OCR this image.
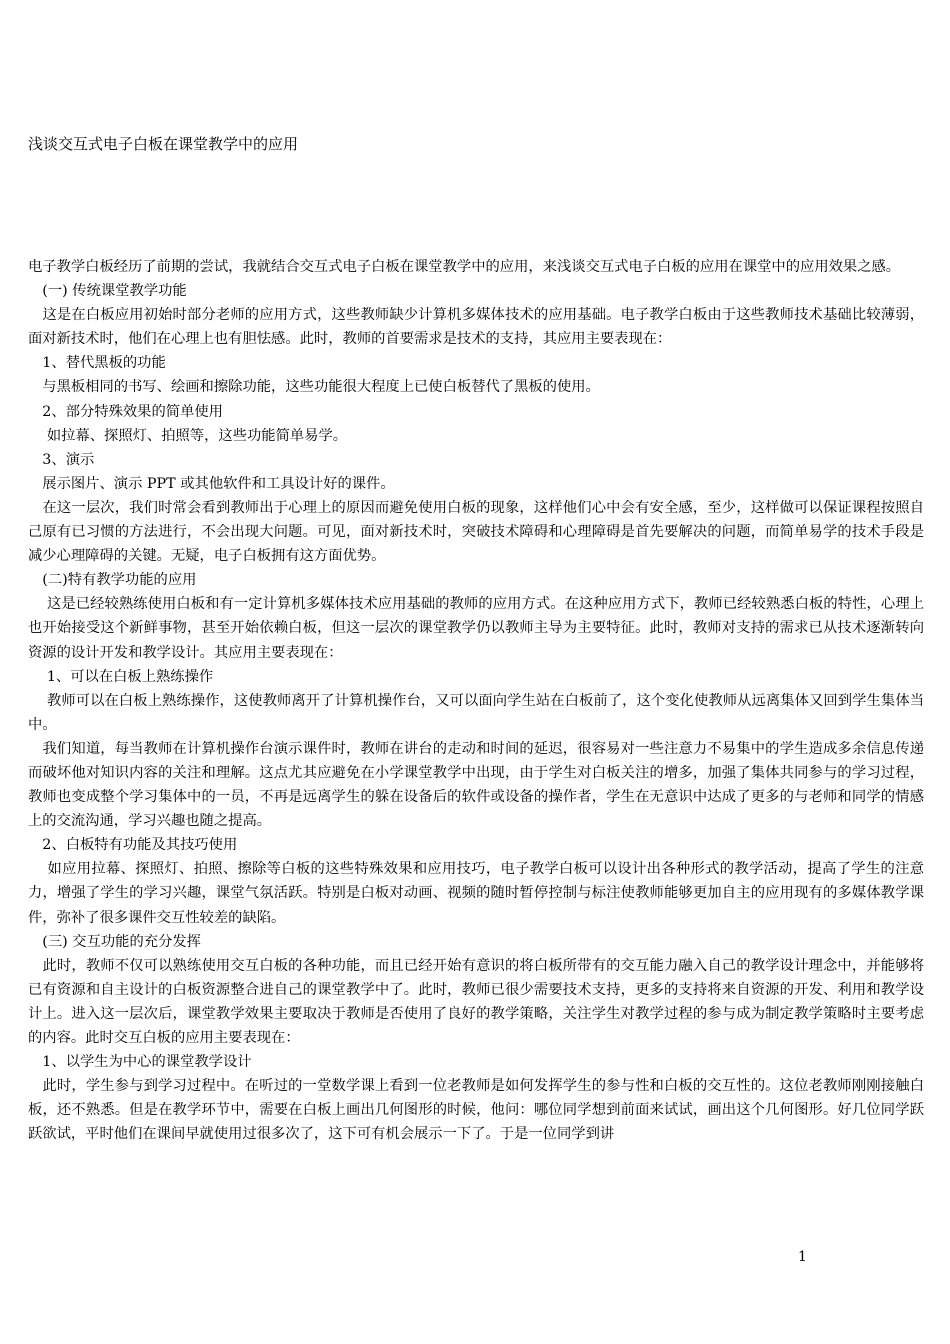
浅谈交互式电子白板在课堂教学中的应用

电子教学白板经历了前期的尝试，我就结合交互式电子白板在课堂教学中的应用，来浅谈交互式电子白板的应用在课堂中的应用效果之感。

　(一) 传统课堂教学功能

　这是在白板应用初始时部分老师的应用方式，这些教师缺少计算机多媒体技术的应用基础。电子教学白板由于这些教师技术基础比较薄弱，面对新技术时，他们在心理上也有胆怯感。此时，教师的首要需求是技术的支持，其应用主要表现在：

　1、替代黑板的功能

　与黑板相同的书写、绘画和擦除功能，这些功能很大程度上已使白板替代了黑板的使用。

　2、部分特殊效果的简单使用

　 如拉幕、探照灯、拍照等，这些功能简单易学。

　3、演示

　展示图片、演示 PPT 或其他软件和工具设计好的课件。

　在这一层次，我们时常会看到教师出于心理上的原因而避免使用白板的现象，这样他们心中会有安全感，至少，这样做可以保证课程按照自己原有已习惯的方法进行，不会出现大问题。可见，面对新技术时，突破技术障碍和心理障碍是首先要解决的问题，而简单易学的技术手段是减少心理障碍的关键。无疑，电子白板拥有这方面优势。

　(二)特有教学功能的应用

　 这是已经较熟练使用白板和有一定计算机多媒体技术应用基础的教师的应用方式。在这种应用方式下，教师已经较熟悉白板的特性，心理上也开始接受这个新鲜事物，甚至开始依赖白板，但这一层次的课堂教学仍以教师主导为主要特征。此时，教师对支持的需求已从技术逐渐转向资源的设计开发和教学设计。其应用主要表现在：

　 1、可以在白板上熟练操作

　 教师可以在白板上熟练操作，这使教师离开了计算机操作台，又可以面向学生站在白板前了，这个变化使教师从远离集体又回到学生集体当中。

　我们知道，每当教师在计算机操作台演示课件时，教师在讲台的走动和时间的延迟，很容易对一些注意力不易集中的学生造成多余信息传递而破坏他对知识内容的关注和理解。这点尤其应避免在小学课堂教学中出现，由于学生对白板关注的增多，加强了集体共同参与的学习过程，教师也变成整个学习集体中的一员，不再是远离学生的躲在设备后的软件或设备的操作者，学生在无意识中达成了更多的与老师和同学的情感上的交流沟通，学习兴趣也随之提高。

　2、白板特有功能及其技巧使用

　 如应用拉幕、探照灯、拍照、擦除等白板的这些特殊效果和应用技巧，电子教学白板可以设计出各种形式的教学活动，提高了学生的注意力，增强了学生的学习兴趣，课堂气氛活跃。特别是白板对动画、视频的随时暂停控制与标注使教师能够更加自主的应用现有的多媒体教学课件，弥补了很多课件交互性较差的缺陷。

　(三) 交互功能的充分发挥

　此时，教师不仅可以熟练使用交互白板的各种功能，而且已经开始有意识的将白板所带有的交互能力融入自己的教学设计理念中，并能够将已有资源和自主设计的白板资源整合进自己的课堂教学中了。此时，教师已很少需要技术支持，更多的支持将来自资源的开发、利用和教学设计上。进入这一层次后，课堂教学效果主要取决于教师是否使用了良好的教学策略，关注学生对教学过程的参与成为制定教学策略时主要考虑的内容。此时交互白板的应用主要表现在：

　1、以学生为中心的课堂教学设计

　此时，学生参与到学习过程中。在听过的一堂数学课上看到一位老教师是如何发挥学生的参与性和白板的交互性的。这位老教师刚刚接触白板，还不熟悉。但是在教学环节中，需要在白板上画出几何图形的时候，他问：哪位同学想到前面来试试，画出这个几何图形。好几位同学跃跃欲试，平时他们在课间早就使用过很多次了，这下可有机会展示一下了。于是一位同学到讲

1
